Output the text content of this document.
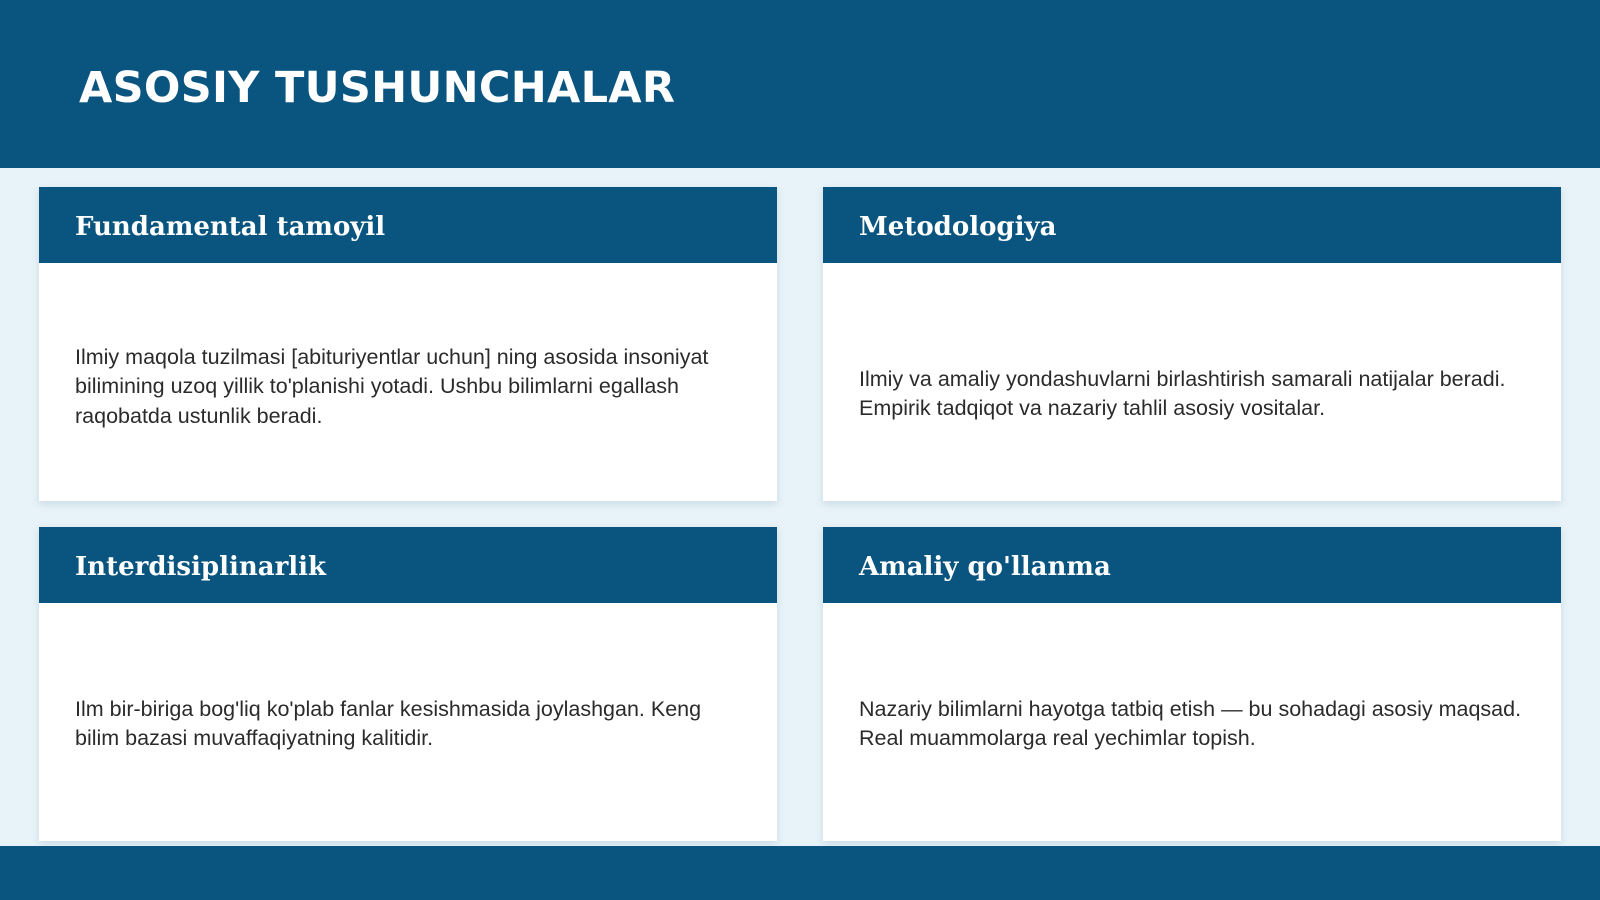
ASOSIY TUSHUNCHALAR
Fundamental tamoyil

Ilmiy maqola tuzilmasi [abituriyentlar uchun] ning asosida insoniyat bilimining uzoq yillik to'planishi yotadi. Ushbu bilimlarni egallash raqobatda ustunlik beradi.

Metodologiya

Ilmiy va amaliy yondashuvlarni birlashtirish samarali natijalar beradi. Empirik tadqiqot va nazariy tahlil asosiy vositalar.

Interdisiplinarlik

Ilm bir-biriga bog'liq ko'plab fanlar kesishmasida joylashgan. Keng bilim bazasi muvaffaqiyatning kalitidir.

Amaliy qo'llanma

Nazariy bilimlarni hayotga tatbiq etish — bu sohadagi asosiy maqsad. Real muammolarga real yechimlar topish.
